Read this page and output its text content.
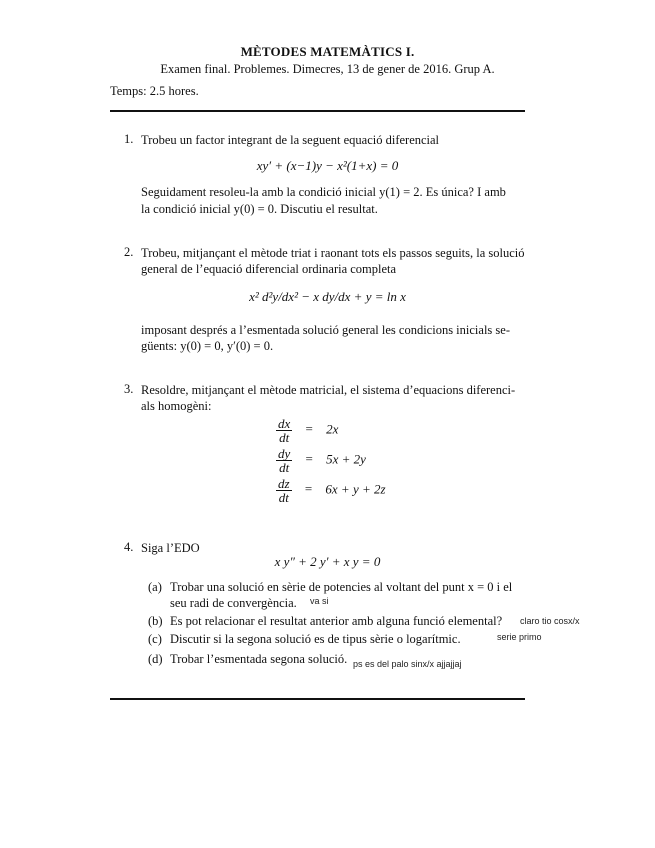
MÈTODES MATEMÀTICS I.
Examen final. Problemes. Dimecres, 13 de gener de 2016. Grup A.
Temps: 2.5 hores.
1. Trobeu un factor integrant de la seguent equació diferencial
xy′ + (x−1)y − x²(1+x) = 0
Seguidament resoleu-la amb la condició inicial y(1) = 2. Es única? I amb
la condició inicial y(0) = 0. Discutiu el resultat.
2. Trobeu, mitjançant el mètode triat i raonant tots els passos seguits, la solució
general de l’equació diferencial ordinaria completa
x² d²y/dx² − x dy/dx + y = ln x
imposant després a l’esmentada solució general les condicions inicials se-
güents: y(0) = 0, y′(0) = 0.
3. Resoldre, mitjançant el mètode matricial, el sistema d’equacions diferenci-
als homogèni:
$\frac{dx}{dt} = 2x$
$\frac{dy}{dt} = 5x + 2y$
$\frac{dz}{dt} = 6x + y + 2z$
4. Siga l’EDO
x y″ + 2 y′ + x y = 0
(a) Trobar una solució en sèrie de potencies al voltant del punt x = 0 i el
seu radi de convergència. va si
(b) Es pot relacionar el resultat anterior amb alguna funció elemental? claro tio cosx/x
(c) Discutir si la segona solució es de tipus sèrie o logarítmic.	serie primo
(d) Trobar l’esmentada segona solució. ps es del palo sinx/x ajjajjaj
